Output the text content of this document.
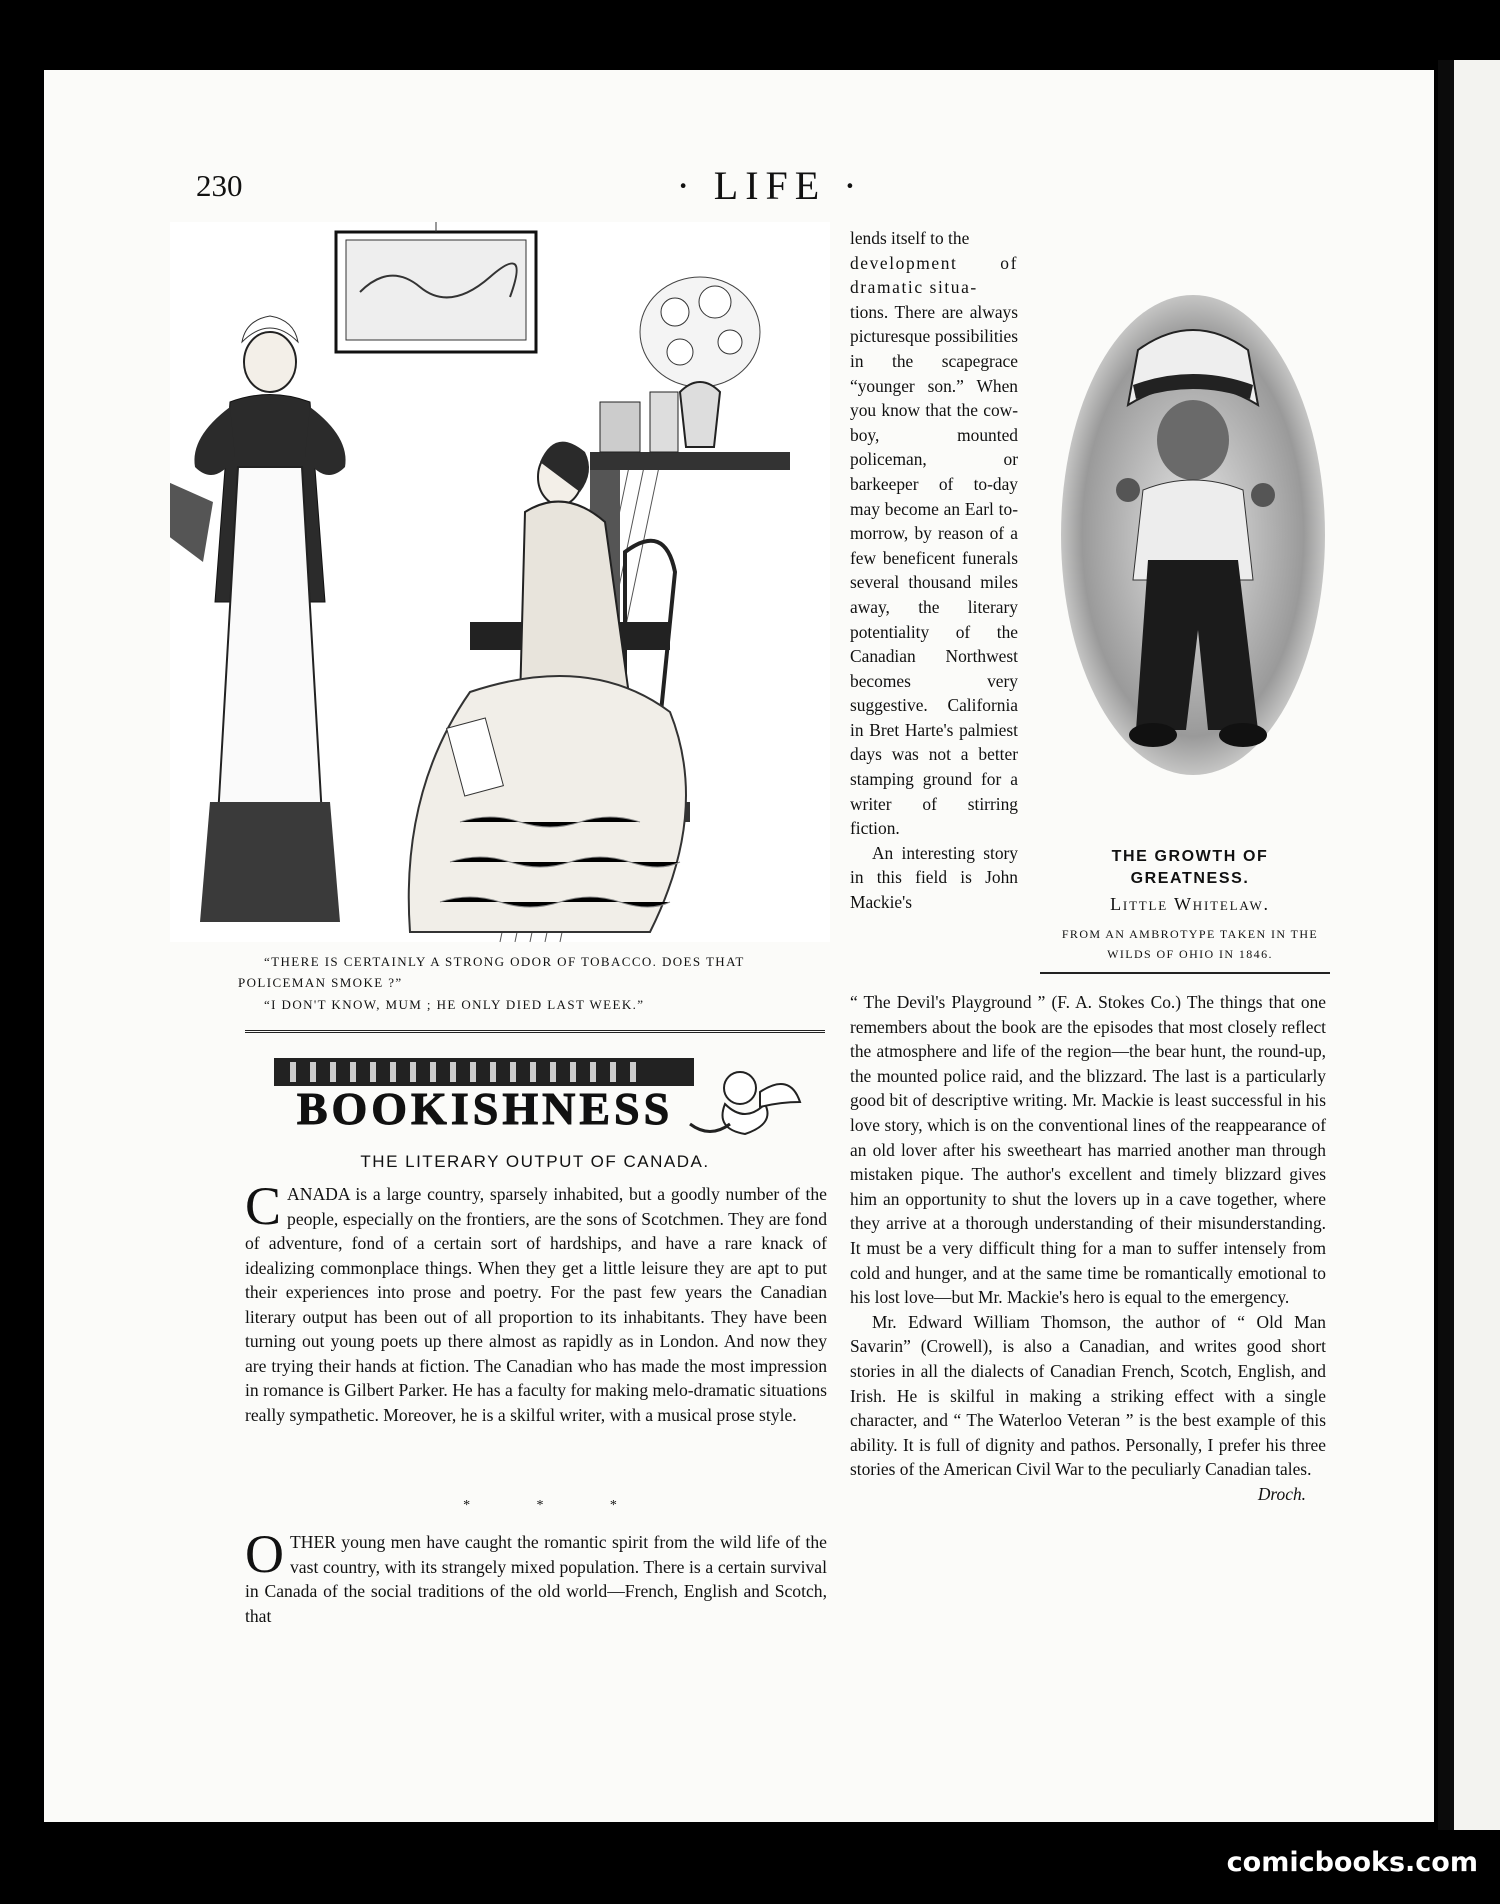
230	· LIFE ·

“THERE IS CERTAINLY A STRONG ODOR OF TOBACCO. DOES THAT POLICEMAN SMOKE ?”

“I DON'T KNOW, MUM ; HE ONLY DIED LAST WEEK.”

BOOKISHNESS
THE LITERARY OUTPUT OF CANADA.

CANADA is a large country, sparsely inhabited, but a goodly number of the people, especially on the frontiers, are the sons of Scotchmen. They are fond of adventure, fond of a certain sort of hardships, and have a rare knack of idealizing commonplace things. When they get a little leisure they are apt to put their experiences into prose and poetry. For the past few years the Canadian literary output has been out of all proportion to its inhabitants. They have been turning out young poets up there almost as rapidly as in London. And now they are trying their hands at fiction. The Canadian who has made the most impression in romance is Gilbert Parker. He has a faculty for making melo-dramatic situations really sympathetic. Moreover, he is a skilful writer, with a musical prose style.

*	*	*

OTHER young men have caught the romantic spirit from the wild life of the vast country, with its strangely mixed population. There is a certain survival in Canada of the social traditions of the old world—French, English and Scotch, that

lends itself to the

development of dramatic situa-

tions. There are always picturesque possibilities in the scapegrace “younger son.” When you know that the cow-boy, mounted policeman, or barkeeper of to-day may become an Earl to-morrow, by reason of a few beneficent funerals several thousand miles away, the literary potentiality of the Canadian Northwest becomes very suggestive. California in Bret Harte's palmiest days was not a better stamping ground for a writer of stirring fiction.

An interesting story in this field is John Mackie's

THE GROWTH OF GREATNESS.
Little Whitelaw.
FROM AN AMBROTYPE TAKEN IN THE WILDS OF OHIO IN 1846.

“ The Devil's Playground ” (F. A. Stokes Co.) The things that one remembers about the book are the episodes that most closely reflect the atmosphere and life of the region—the bear hunt, the round-up, the mounted police raid, and the blizzard. The last is a particularly good bit of descriptive writing. Mr. Mackie is least successful in his love story, which is on the conventional lines of the reappearance of an old lover after his sweetheart has married another man through mistaken pique. The author's excellent and timely blizzard gives him an opportunity to shut the lovers up in a cave together, where they arrive at a thorough understanding of their misunderstanding. It must be a very difficult thing for a man to suffer intensely from cold and hunger, and at the same time be romantically emotional to his lost love—but Mr. Mackie's hero is equal to the emergency.

Mr. Edward William Thomson, the author of “ Old Man Savarin” (Crowell), is also a Canadian, and writes good short stories in all the dialects of Canadian French, Scotch, English, and Irish. He is skilful in making a striking effect with a single character, and “ The Waterloo Veteran ” is the best example of this ability. It is full of dignity and pathos. Personally, I prefer his three stories of the American Civil War to the peculiarly Canadian tales.
Droch.

comicbooks.com
